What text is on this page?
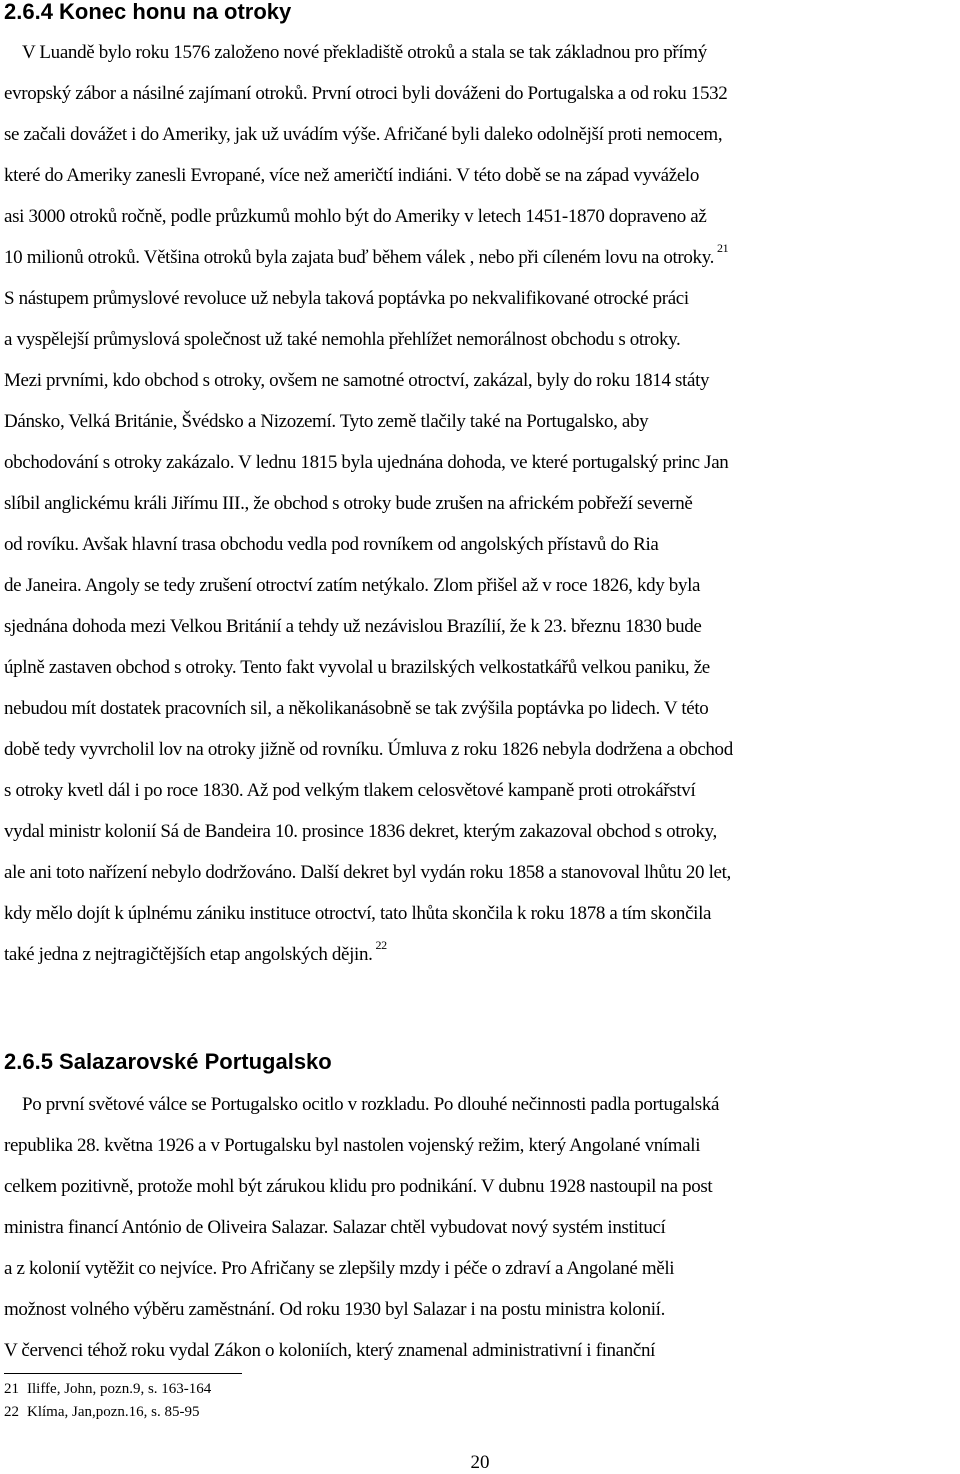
2.6.4 Konec honu na otroky
V Luandě bylo roku 1576 založeno nové překladiště otroků a stala se tak základnou pro přímý
evropský zábor a násilné zajímaní otroků. První otroci byli dováženi do Portugalska a od roku 1532
se začali dovážet i do Ameriky, jak už uvádím výše. Afričané byli daleko odolnější proti nemocem,
které do Ameriky zanesli Evropané, více než američtí indiáni. V této době se na západ vyváželo
asi 3000 otroků ročně, podle průzkumů mohlo být do Ameriky v letech 1451-1870 dopraveno až
10 milionů otroků. Většina otroků byla zajata buď během válek , nebo při cíleném lovu na otroky. $^{21}$
S nástupem průmyslové revoluce už nebyla taková poptávka po nekvalifikované otrocké práci
a vyspělejší průmyslová společnost už také nemohla přehlížet nemorálnost obchodu s otroky.
Mezi prvními, kdo obchod s otroky, ovšem ne samotné otroctví, zakázal, byly do roku 1814 státy
Dánsko, Velká Británie, Švédsko a Nizozemí. Tyto země tlačily také na Portugalsko, aby
obchodování s otroky zakázalo. V lednu 1815 byla ujednána dohoda, ve které portugalský princ Jan
slíbil anglickému králi Jiřímu III., že obchod s otroky bude zrušen na africkém pobřeží severně
od rovíku. Avšak hlavní trasa obchodu vedla pod rovníkem od angolských přístavů do Ria
de Janeira. Angoly se tedy zrušení otroctví zatím netýkalo. Zlom přišel až v roce 1826, kdy byla
sjednána dohoda mezi Velkou Británií a tehdy už nezávislou Brazílií, že k 23. březnu 1830 bude
úplně zastaven obchod s otroky. Tento fakt vyvolal u brazilských velkostatkářů velkou paniku, že
nebudou mít dostatek pracovních sil, a několikanásobně se tak zvýšila poptávka po lidech. V této
době tedy vyvrcholil lov na otroky jižně od rovníku. Úmluva z roku 1826 nebyla dodržena a obchod
s otroky kvetl dál i po roce 1830. Až pod velkým tlakem celosvětové kampaně proti otrokářství
vydal ministr kolonií Sá de Bandeira 10. prosince 1836 dekret, kterým zakazoval obchod s otroky,
ale ani toto nařízení nebylo dodržováno. Další dekret byl vydán roku 1858 a stanovoval lhůtu 20 let,
kdy mělo dojít k úplnému zániku instituce otroctví, tato lhůta skončila k roku 1878 a tím skončila
také jedna z nejtragičtějších etap angolských dějin. $^{22}$
2.6.5 Salazarovské Portugalsko
Po první světové válce se Portugalsko ocitlo v rozkladu. Po dlouhé nečinnosti padla portugalská
republika 28. května 1926 a v Portugalsku byl nastolen vojenský režim, který Angolané vnímali
celkem pozitivně, protože mohl být zárukou klidu pro podnikání. V dubnu 1928 nastoupil na post
ministra financí António de Oliveira Salazar. Salazar chtěl vybudovat nový systém institucí
a z kolonií vytěžit co nejvíce. Pro Afričany se zlepšily mzdy i péče o zdraví a Angolané měli
možnost volného výběru zaměstnání. Od roku 1930 byl Salazar i na postu ministra kolonií.
V červenci téhož roku vydal Zákon o koloniích, který znamenal administrativní i finanční
21 Iliffe, John, pozn.9, s. 163-164
22 Klíma, Jan,pozn.16, s. 85-95
20
